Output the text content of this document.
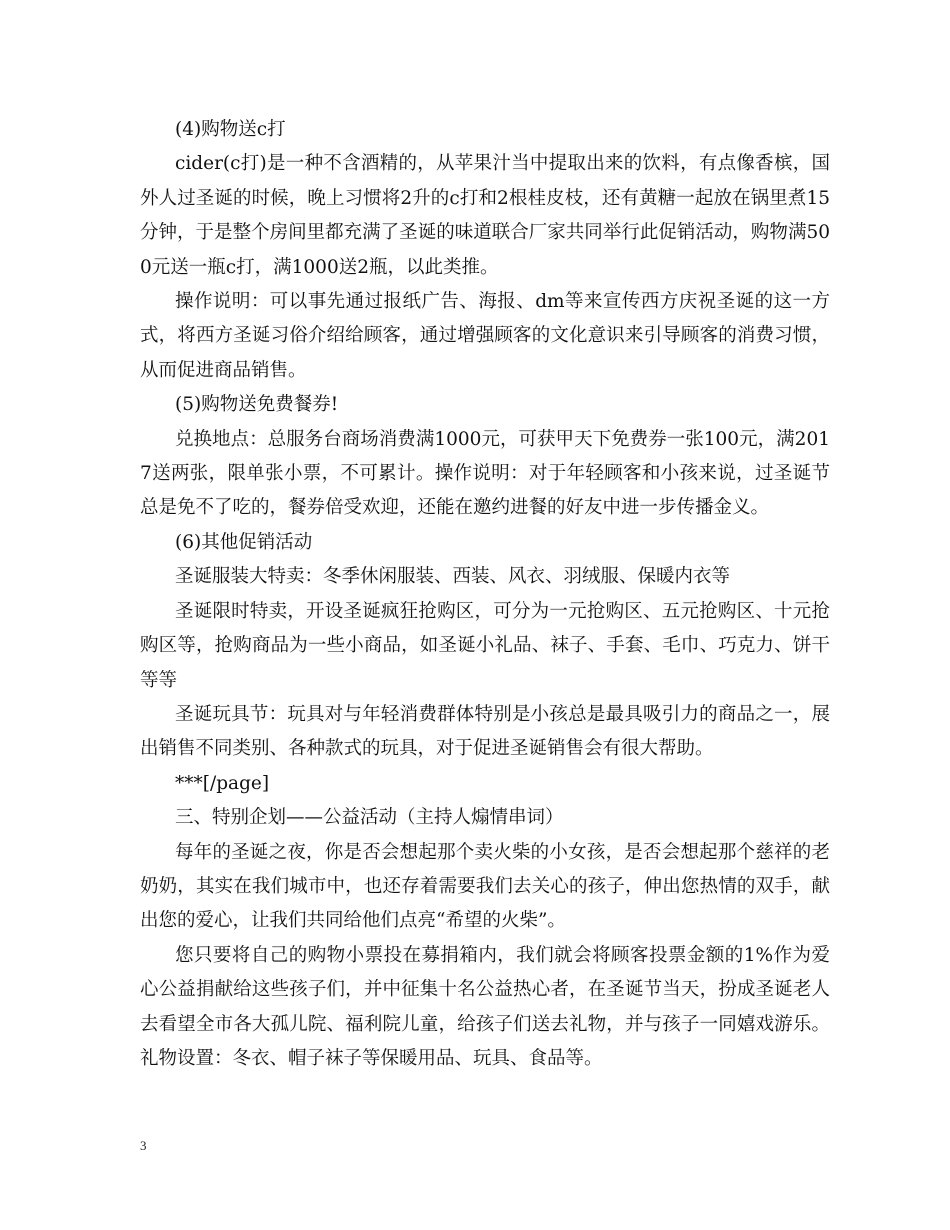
(4)购物送c打

cider(c打)是一种不含酒精的，从苹果汁当中提取出来的饮料，有点像香槟，国外人过圣诞的时候，晚上习惯将2升的c打和2根桂皮枝，还有黄糖一起放在锅里煮15分钟，于是整个房间里都充满了圣诞的味道联合厂家共同举行此促销活动，购物满500元送一瓶c打，满1000送2瓶，以此类推。

操作说明：可以事先通过报纸广告、海报、dm等来宣传西方庆祝圣诞的这一方式，将西方圣诞习俗介绍给顾客，通过增强顾客的文化意识来引导顾客的消费习惯，从而促进商品销售。

(5)购物送免费餐券!

兑换地点：总服务台商场消费满1000元，可获甲天下免费券一张100元，满2017送两张，限单张小票，不可累计。操作说明：对于年轻顾客和小孩来说，过圣诞节总是免不了吃的，餐券倍受欢迎，还能在邀约进餐的好友中进一步传播金义。

(6)其他促销活动

圣诞服装大特卖：冬季休闲服装、西装、风衣、羽绒服、保暖内衣等

圣诞限时特卖，开设圣诞疯狂抢购区，可分为一元抢购区、五元抢购区、十元抢购区等，抢购商品为一些小商品，如圣诞小礼品、袜子、手套、毛巾、巧克力、饼干等等

圣诞玩具节：玩具对与年轻消费群体特别是小孩总是最具吸引力的商品之一，展出销售不同类别、各种款式的玩具，对于促进圣诞销售会有很大帮助。

***[/page]

三、特别企划——公益活动（主持人煽情串词）

每年的圣诞之夜，你是否会想起那个卖火柴的小女孩，是否会想起那个慈祥的老奶奶，其实在我们城市中，也还存着需要我们去关心的孩子，伸出您热情的双手，献出您的爱心，让我们共同给他们点亮“希望的火柴”。

您只要将自己的购物小票投在募捐箱内，我们就会将顾客投票金额的1%作为爱心公益捐献给这些孩子们，并中征集十名公益热心者，在圣诞节当天，扮成圣诞老人去看望全市各大孤儿院、福利院儿童，给孩子们送去礼物，并与孩子一同嬉戏游乐。礼物设置：冬衣、帽子袜子等保暖用品、玩具、食品等。

3
